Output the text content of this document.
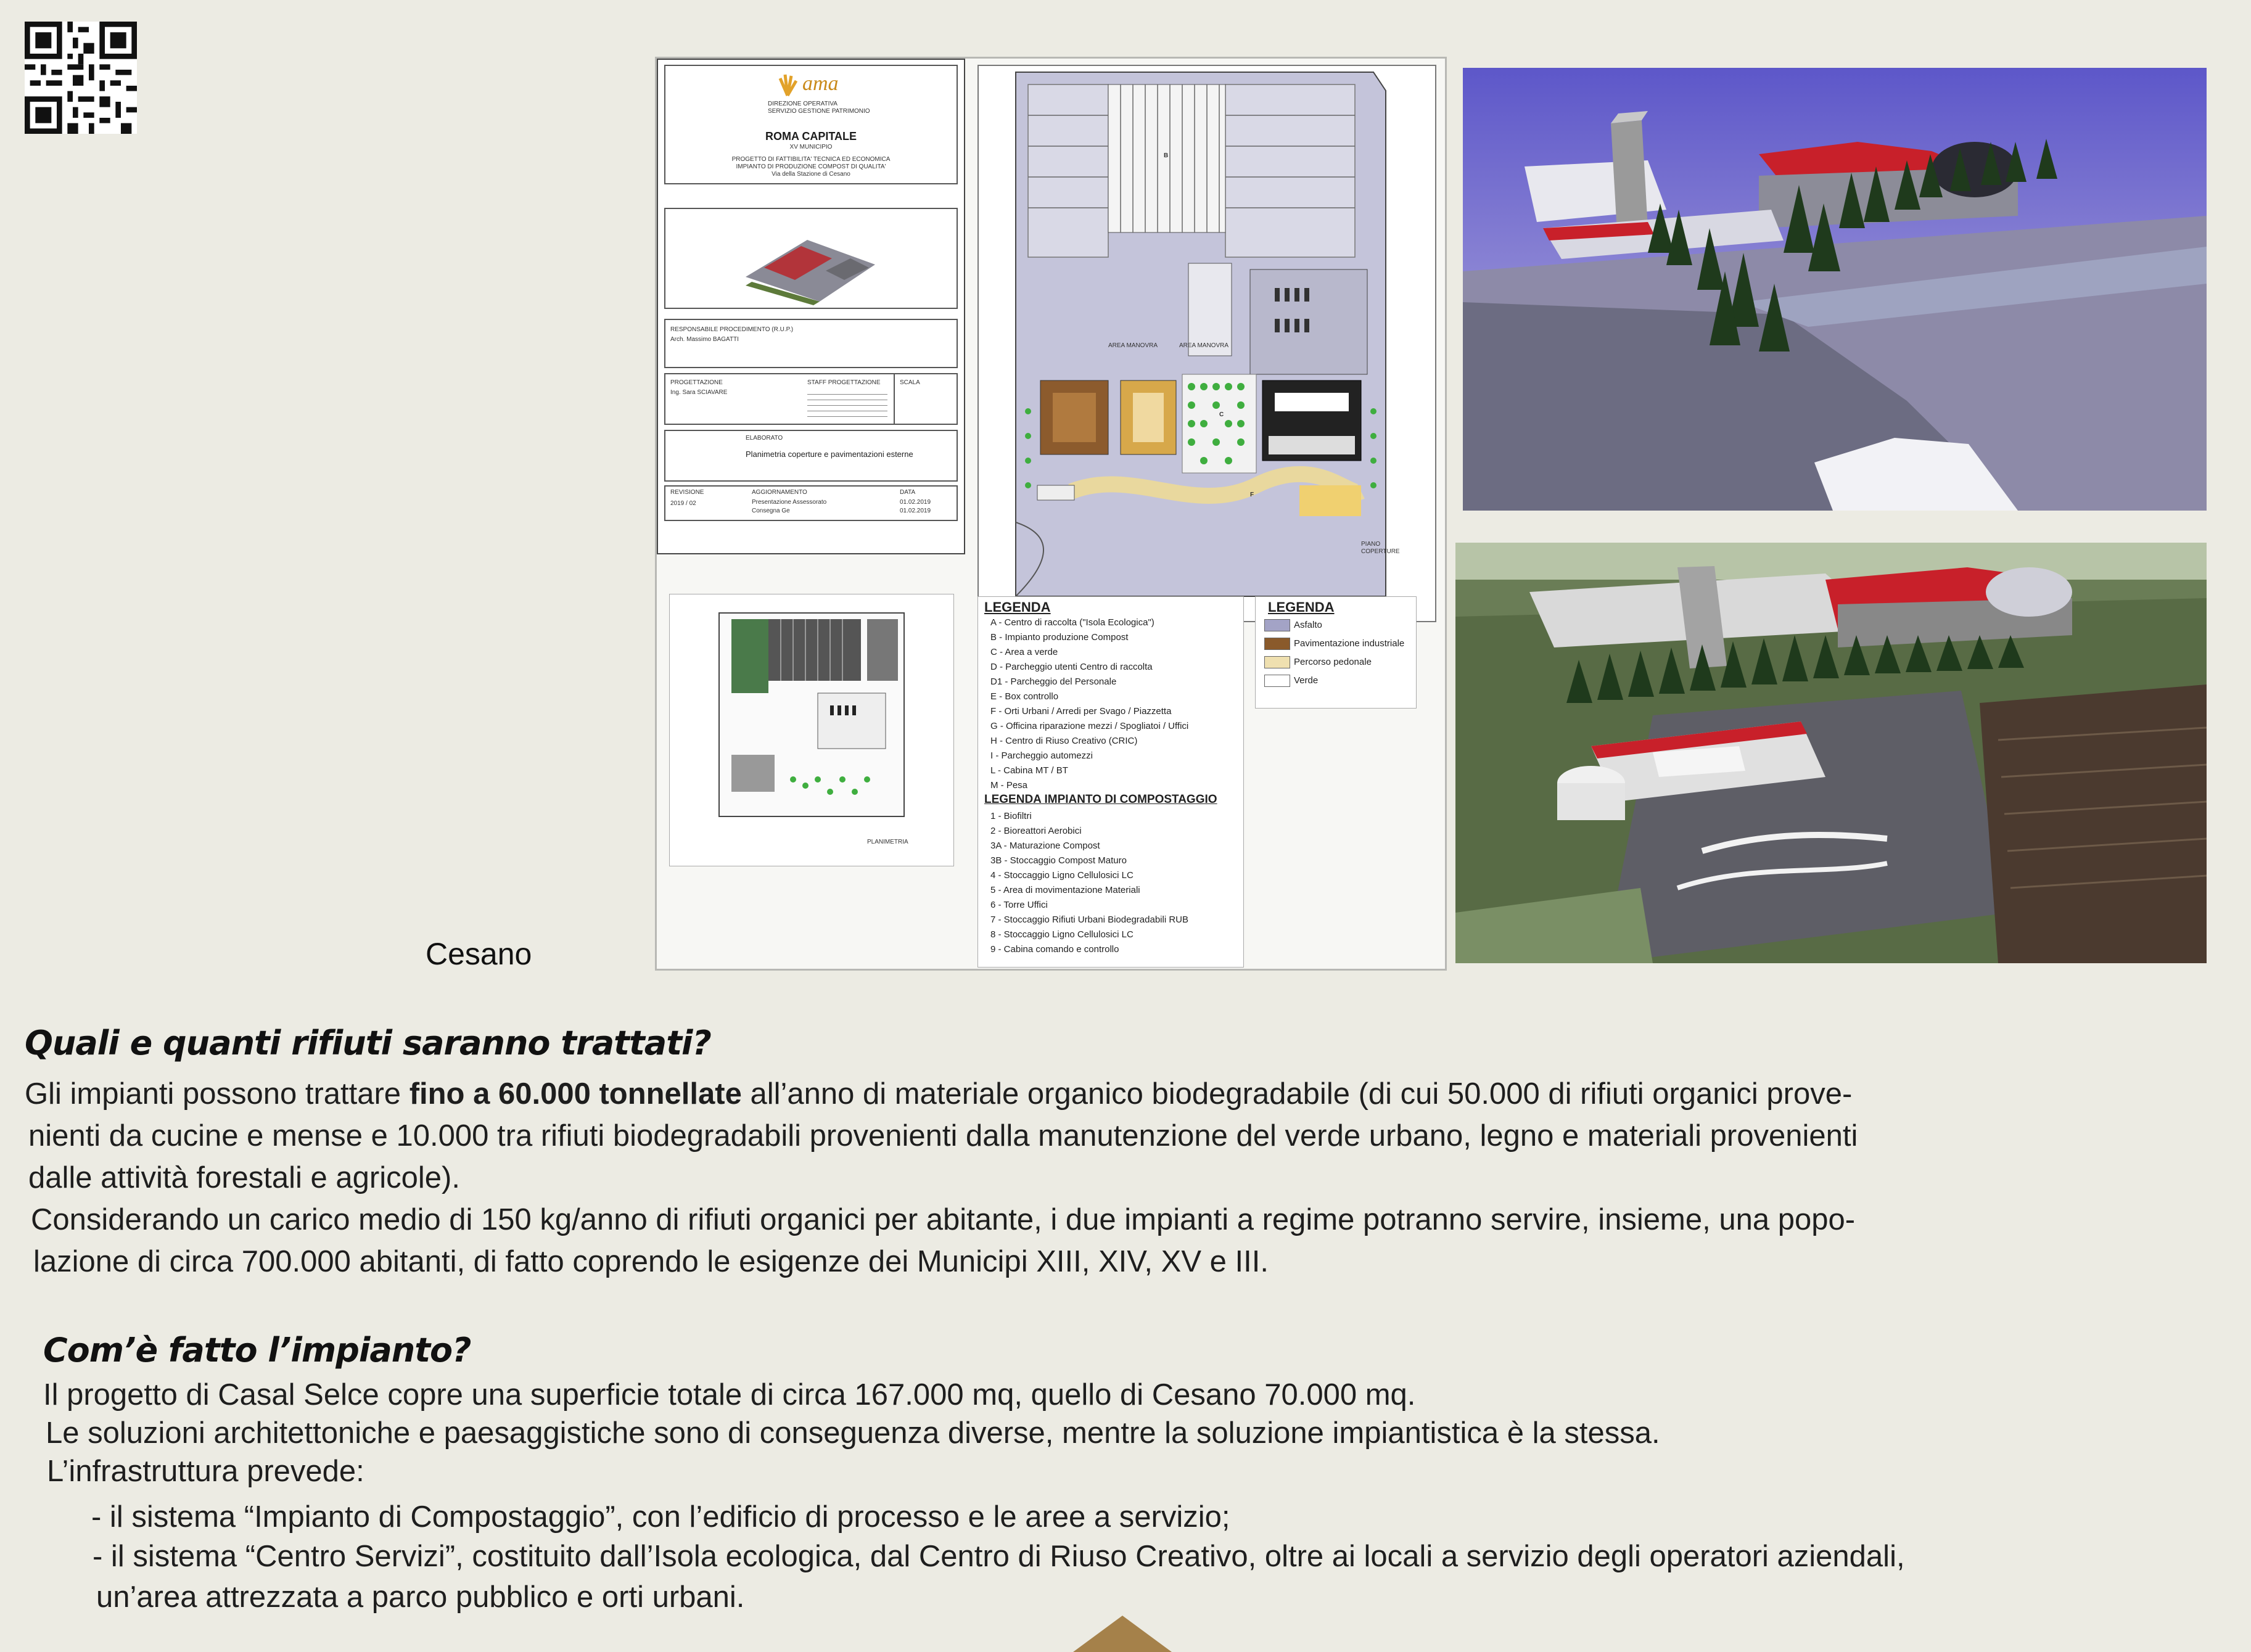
ama
DIREZIONE OPERATIVA
SERVIZIO GESTIONE PATRIMONIO
ROMA CAPITALE
XV MUNICIPIO
PROGETTO DI FATTIBILITA' TECNICA ED ECONOMICA
IMPIANTO DI PRODUZIONE COMPOST DI QUALITA'
Via della Stazione di Cesano
RESPONSABILE PROCEDIMENTO (R.U.P.)
Arch. Massimo BAGATTI
PROGETTAZIONE
Ing. Sara SCIAVARE
STAFF PROGETTAZIONE	SCALA
ELABORATO
Planimetria coperture e pavimentazioni esterne
REVISIONE
2019 / 02
AGGIORNAMENTO
Presentazione Assessorato
Consegna Ge
DATA
01.02.2019
01.02.2019
AREA MANOVRA	AREA MANOVRA
B
C
F
PIANO
COPERTURE
PLANIMETRIA
LEGENDA
A - Centro di raccolta ("Isola Ecologica")
B - Impianto produzione Compost
C - Area a verde
D - Parcheggio utenti Centro di raccolta
D1 - Parcheggio del Personale
E - Box controllo
F - Orti Urbani / Arredi per Svago / Piazzetta
G - Officina riparazione mezzi / Spogliatoi / Uffici
H - Centro di Riuso Creativo (CRIC)
I - Parcheggio automezzi
L - Cabina MT / BT
M - Pesa
LEGENDA IMPIANTO DI COMPOSTAGGIO
1 - Biofiltri
2 - Bioreattori Aerobici
3A - Maturazione Compost
3B - Stoccaggio Compost Maturo
4 - Stoccaggio Ligno Cellulosici LC
5 - Area di movimentazione Materiali
6 - Torre Uffici
7 - Stoccaggio Rifiuti Urbani Biodegradabili RUB
8 - Stoccaggio Ligno Cellulosici LC
9 - Cabina comando e controllo
LEGENDA
Asfalto
Pavimentazione industriale
Percorso pedonale
Verde
Cesano
Quali e quanti rifiuti saranno trattati?
Gli impianti possono trattare fino a 60.000 tonnellate all’anno di materiale organico biodegradabile (di cui 50.000 di rifiuti organici prove-
nienti da cucine e mense e 10.000 tra rifiuti biodegradabili provenienti dalla manutenzione del verde urbano, legno e materiali provenienti
dalle attività forestali e agricole).
Considerando un carico medio di 150 kg/anno di rifiuti organici per abitante, i due impianti a regime potranno servire, insieme, una popo-
lazione di circa 700.000 abitanti, di fatto coprendo le esigenze dei Municipi XIII, XIV, XV e III.
Com’è fatto l’impianto?
Il progetto di Casal Selce copre una superficie totale di circa 167.000 mq, quello di Cesano 70.000 mq.
Le soluzioni architettoniche e paesaggistiche sono di conseguenza diverse, mentre la soluzione impiantistica è la stessa.
L’infrastruttura prevede:
- il sistema “Impianto di Compostaggio”, con l’edificio di processo e le aree a servizio;
- il sistema “Centro Servizi”, costituito dall’Isola ecologica, dal Centro di Riuso Creativo, oltre ai locali a servizio degli operatori aziendali,
un’area attrezzata a parco pubblico e orti urbani.
